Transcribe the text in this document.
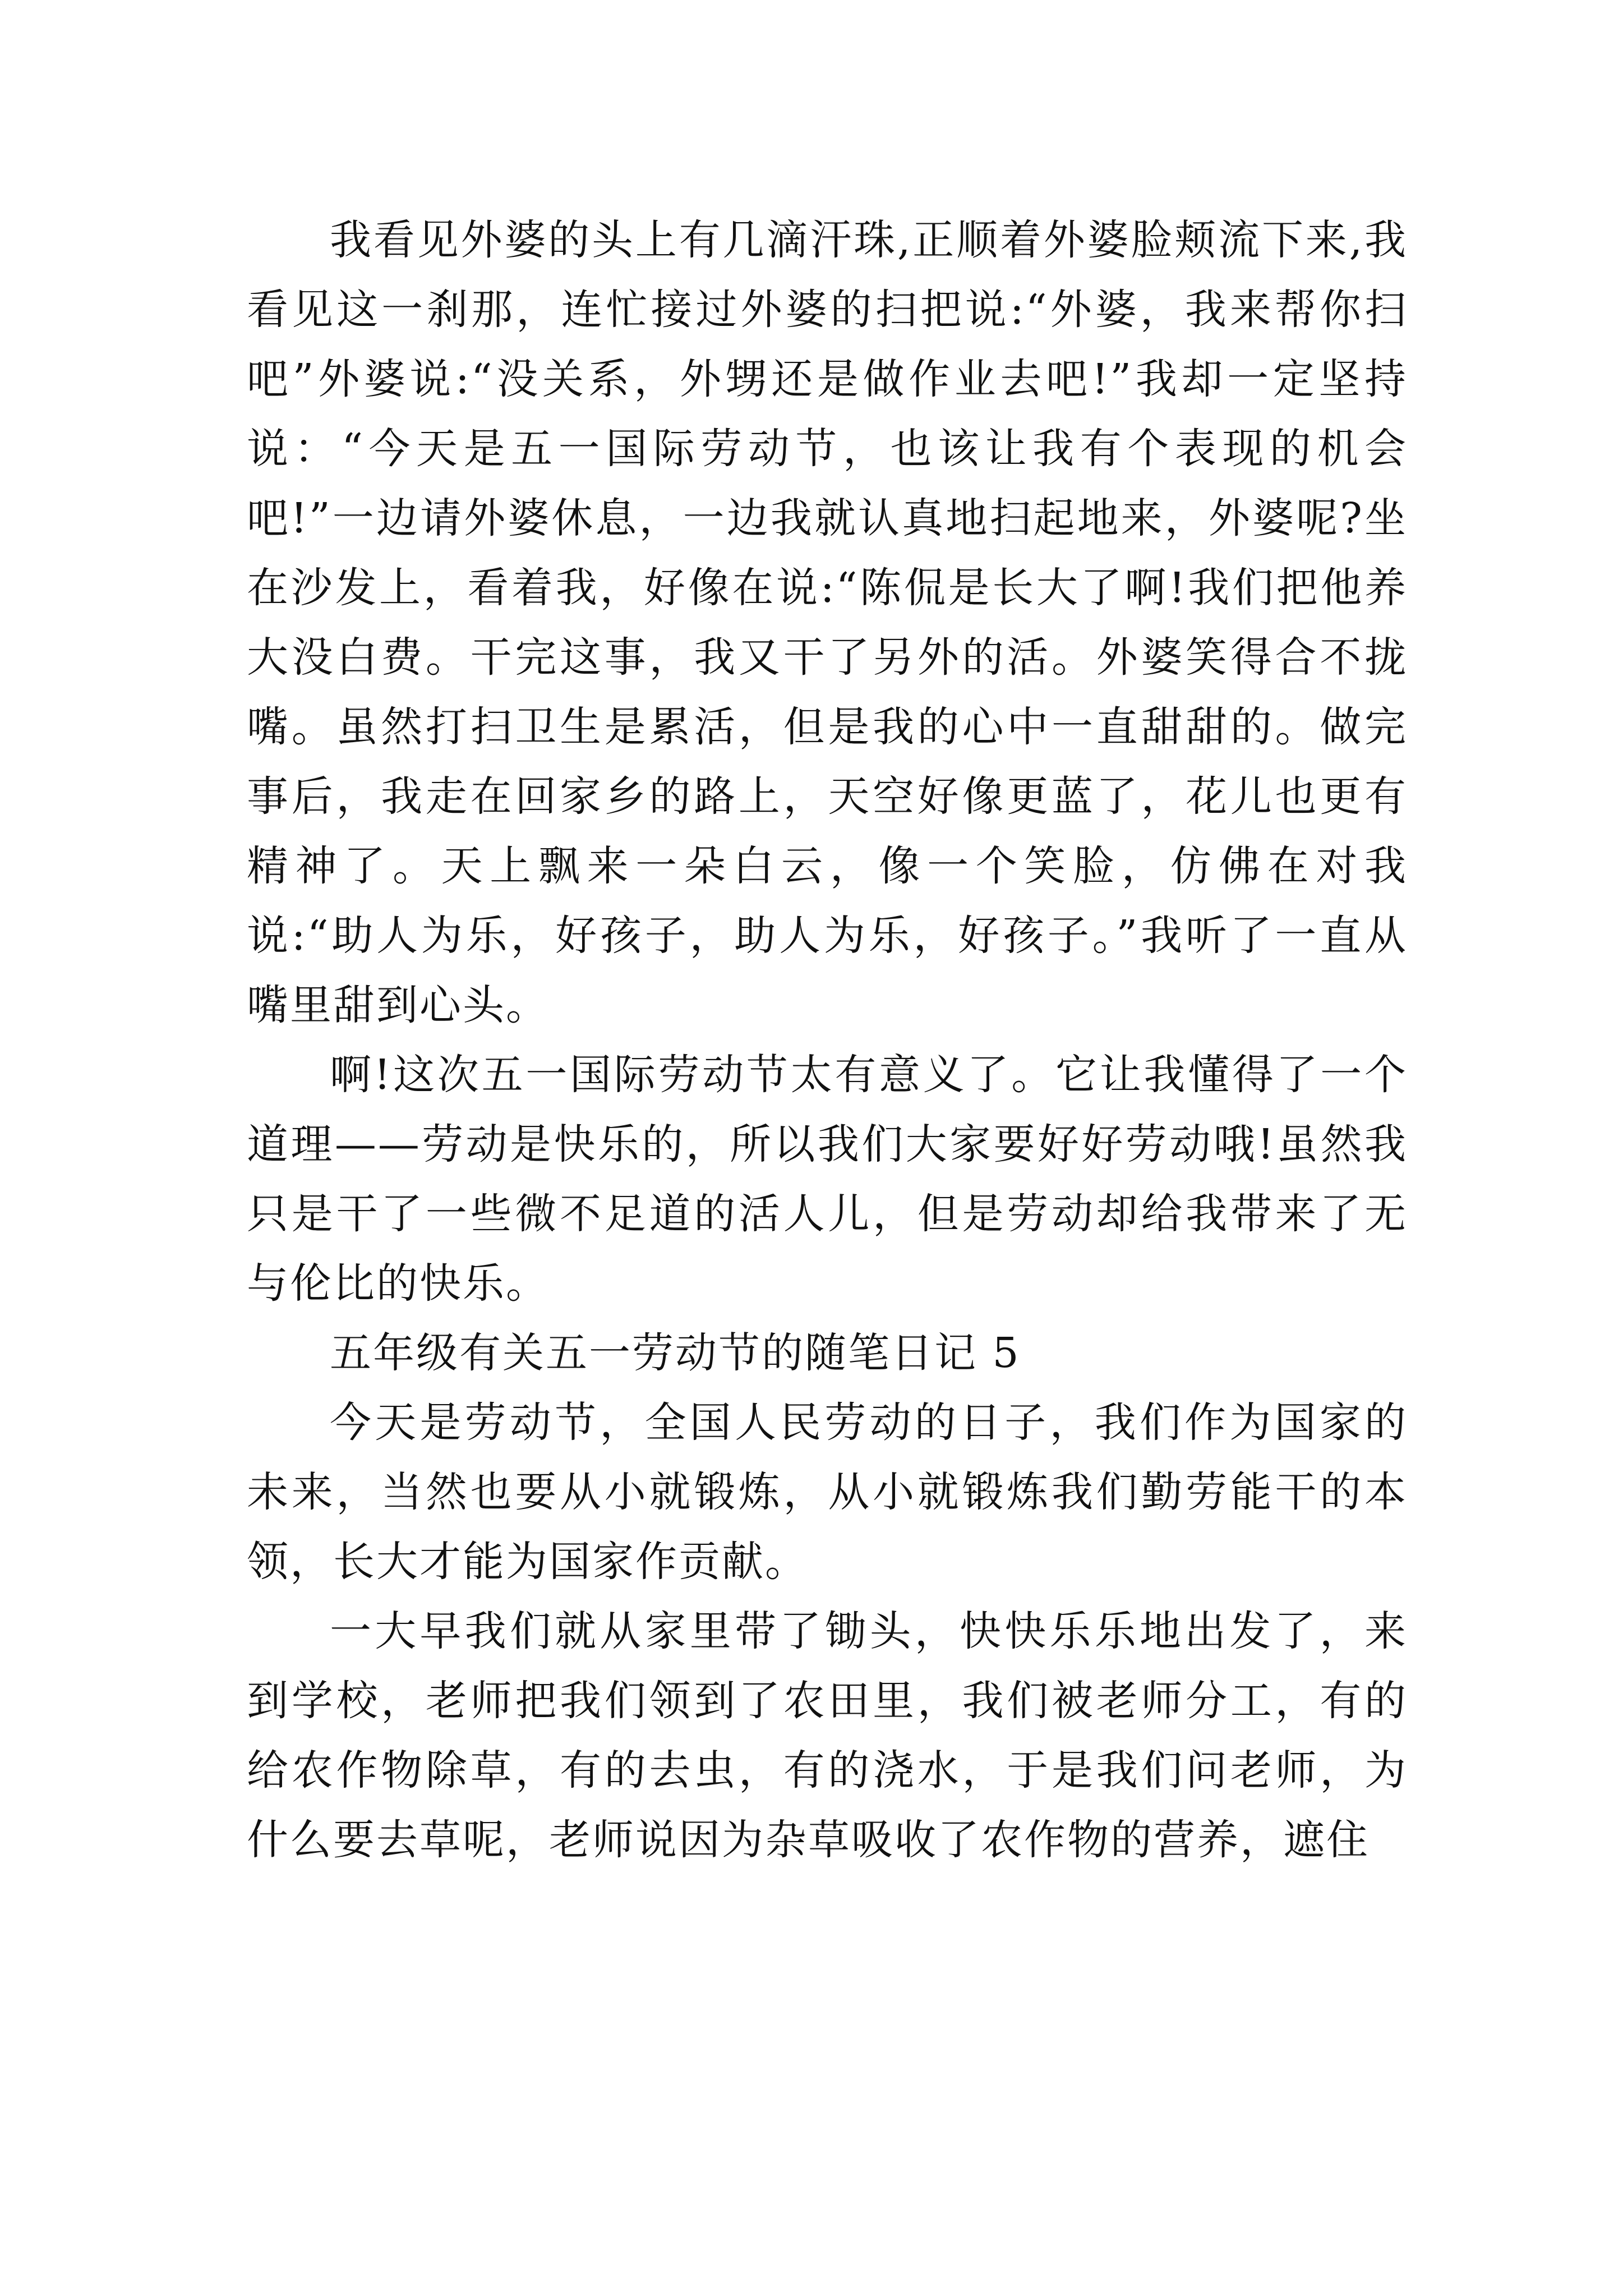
我看见外婆的头上有几滴汗珠,正顺着外婆脸颊流下来,我看见这一刹那，连忙接过外婆的扫把说:“外婆，我来帮你扫吧”外婆说:“没关系，外甥还是做作业去吧!”我却一定坚持说：“今天是五一国际劳动节，也该让我有个表现的机会吧!”一边请外婆休息，一边我就认真地扫起地来，外婆呢?坐在沙发上，看着我，好像在说:“陈侃是长大了啊!我们把他养大没白费。干完这事，我又干了另外的活。外婆笑得合不拢嘴。虽然打扫卫生是累活，但是我的心中一直甜甜的。做完事后，我走在回家乡的路上，天空好像更蓝了，花儿也更有精神了。天上飘来一朵白云，像一个笑脸，仿佛在对我说:“助人为乐，好孩子，助人为乐，好孩子。”我听了一直从嘴里甜到心头。

啊!这次五一国际劳动节太有意义了。它让我懂得了一个道理——劳动是快乐的，所以我们大家要好好劳动哦!虽然我只是干了一些微不足道的活人儿，但是劳动却给我带来了无与伦比的快乐。

五年级有关五一劳动节的随笔日记 5

今天是劳动节，全国人民劳动的日子，我们作为国家的未来，当然也要从小就锻炼，从小就锻炼我们勤劳能干的本领，长大才能为国家作贡献。

一大早我们就从家里带了锄头，快快乐乐地出发了，来到学校，老师把我们领到了农田里，我们被老师分工，有的给农作物除草，有的去虫，有的浇水，于是我们问老师，为什么要去草呢，老师说因为杂草吸收了农作物的营养，遮住
